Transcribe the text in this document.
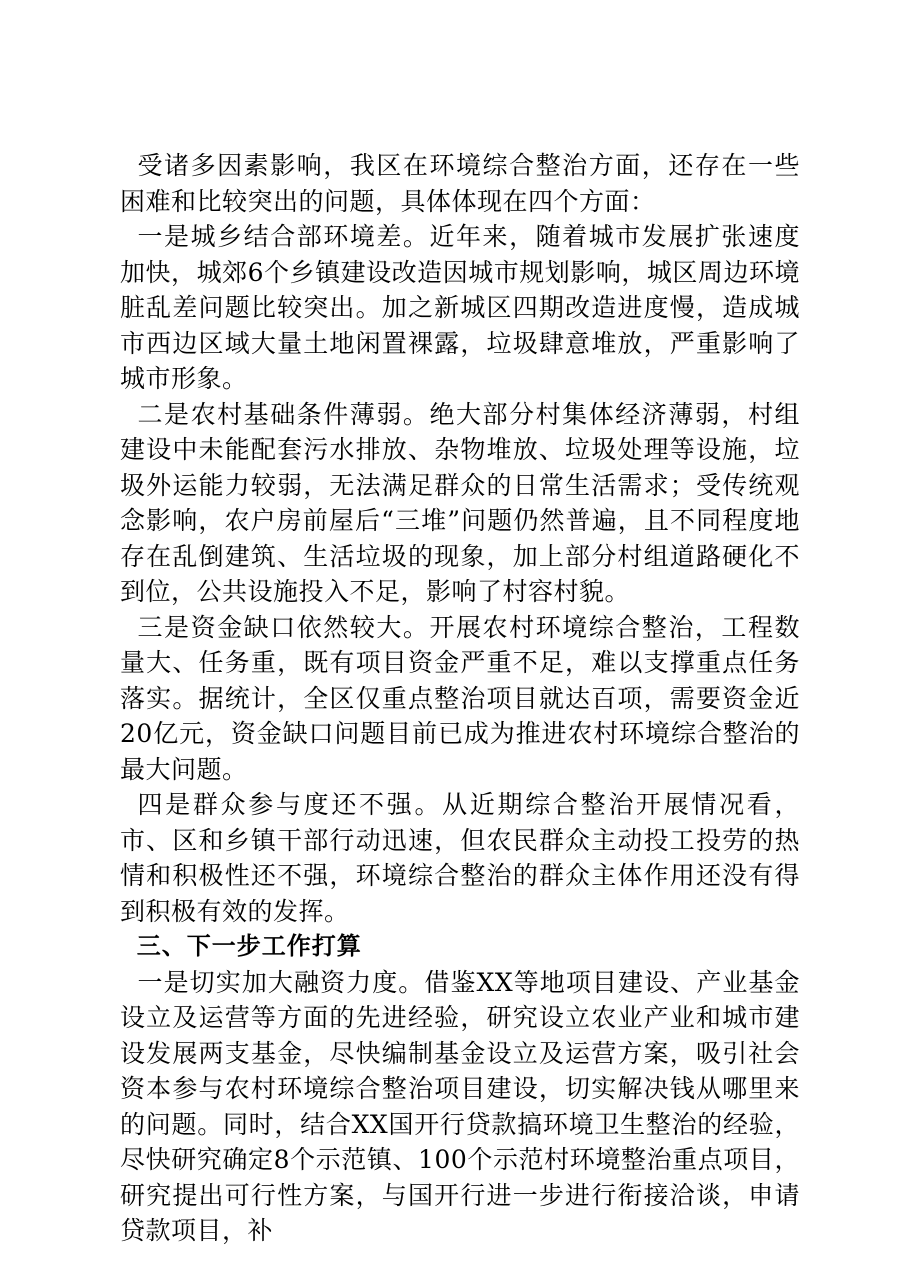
受诸多因素影响，我区在环境综合整治方面，还存在一些困难和比较突出的问题，具体体现在四个方面：

一是城乡结合部环境差。近年来，随着城市发展扩张速度加快，城郊6个乡镇建设改造因城市规划影响，城区周边环境脏乱差问题比较突出。加之新城区四期改造进度慢，造成城市西边区域大量土地闲置裸露，垃圾肆意堆放，严重影响了城市形象。

二是农村基础条件薄弱。绝大部分村集体经济薄弱，村组建设中未能配套污水排放、杂物堆放、垃圾处理等设施，垃圾外运能力较弱，无法满足群众的日常生活需求；受传统观念影响，农户房前屋后“三堆”问题仍然普遍，且不同程度地存在乱倒建筑、生活垃圾的现象，加上部分村组道路硬化不到位，公共设施投入不足，影响了村容村貌。

三是资金缺口依然较大。开展农村环境综合整治，工程数量大、任务重，既有项目资金严重不足，难以支撑重点任务落实。据统计，全区仅重点整治项目就达百项，需要资金近20亿元，资金缺口问题目前已成为推进农村环境综合整治的最大问题。

四是群众参与度还不强。从近期综合整治开展情况看，市、区和乡镇干部行动迅速，但农民群众主动投工投劳的热情和积极性还不强，环境综合整治的群众主体作用还没有得到积极有效的发挥。

三、下一步工作打算

一是切实加大融资力度。借鉴XX等地项目建设、产业基金设立及运营等方面的先进经验，研究设立农业产业和城市建设发展两支基金，尽快编制基金设立及运营方案，吸引社会资本参与农村环境综合整治项目建设，切实解决钱从哪里来的问题。同时，结合XX国开行贷款搞环境卫生整治的经验，尽快研究确定8个示范镇、100个示范村环境整治重点项目，研究提出可行性方案，与国开行进一步进行衔接洽谈，申请贷款项目，补
